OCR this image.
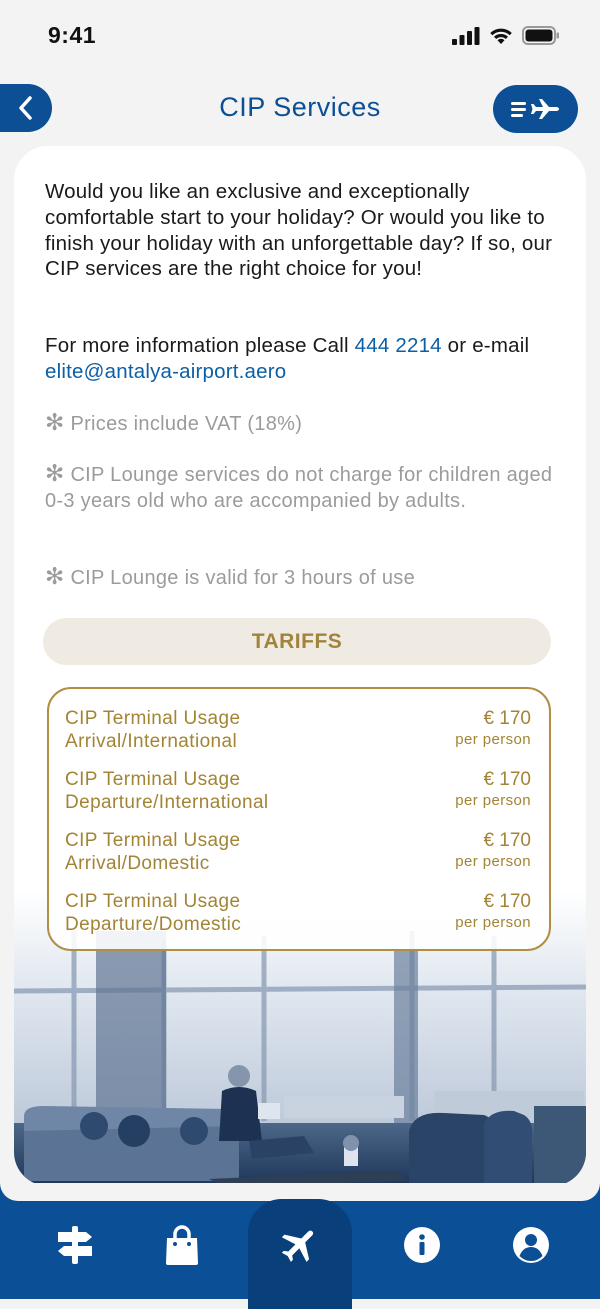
9:41
CIP Services
Would you like an exclusive and exceptionally comfortable start to your holiday? Or would you like to finish your holiday with an unforgettable day? If so, our CIP services are the right choice for you!
For more information please Call 444 2214 or e-mail elite@antalya-airport.aero
✻ Prices include VAT (18%)
✻ CIP Lounge services do not charge for children aged 0-3 years old who are accompanied by adults.
✻ CIP Lounge is valid for 3 hours of use
TARIFFS
CIP Terminal Usage
Arrival/International
€ 170
per person
CIP Terminal Usage
Departure/International
€ 170
per person
CIP Terminal Usage
Arrival/Domestic
€ 170
per person
CIP Terminal Usage
Departure/Domestic
€ 170
per person
